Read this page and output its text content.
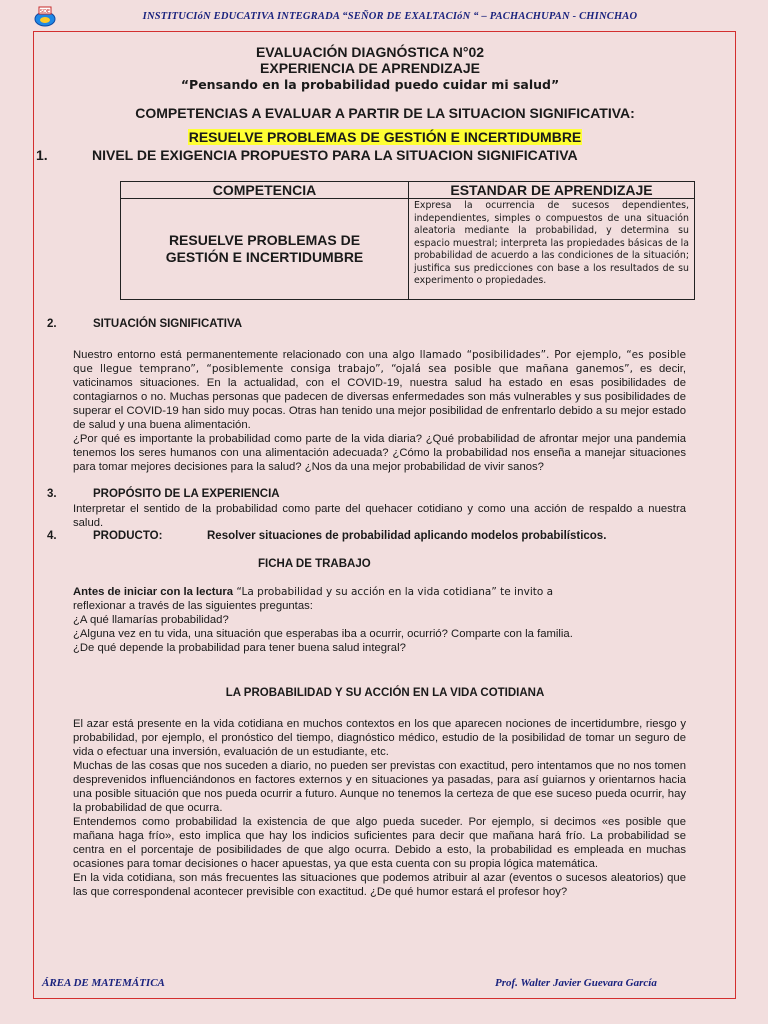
SDE	INSTITUCIóN EDUCATIVA INTEGRADA “SEÑOR DE EXALTACIóN “ – PACHACHUPAN - CHINCHAO
EVALUACIÓN DIAGNÓSTICA N°02
EXPERIENCIA DE APRENDIZAJE
“Pensando en la probabilidad puedo cuidar mi salud”
COMPETENCIAS A EVALUAR A PARTIR DE LA SITUACION SIGNIFICATIVA:
RESUELVE PROBLEMAS DE GESTIÓN E INCERTIDUMBRE
1.	NIVEL DE EXIGENCIA PROPUESTO PARA LA SITUACION SIGNIFICATIVA
COMPETENCIA	ESTANDAR DE APRENDIZAJE

RESUELVE PROBLEMAS DE GESTIÓN E INCERTIDUMBRE	Expresa la ocurrencia de sucesos dependientes, independientes, simples o compuestos de una situación aleatoria mediante la probabilidad, y determina su espacio muestral; interpreta las propiedades básicas de la probabilidad de acuerdo a las condiciones de la situación; justifica sus predicciones con base a los resultados de su experimento o propiedades.
2.	SITUACIÓN SIGNIFICATIVA

Nuestro entorno está permanentemente relacionado con una algo llamado “posibilidades”. Por ejemplo, “es posible que llegue temprano”, “posiblemente consiga trabajo”, “ojalá sea posible que mañana ganemos”, es decir, vaticinamos situaciones. En la actualidad, con el COVID-19, nuestra salud ha estado en esas posibilidades de contagiarnos o no. Muchas personas que padecen de diversas enfermedades son más vulnerables y sus posibilidades de superar el COVID-19 han sido muy pocas. Otras han tenido una mejor posibilidad de enfrentarlo debido a su mejor estado de salud y una buena alimentación.

¿Por qué es importante la probabilidad como parte de la vida diaria? ¿Qué probabilidad de afrontar mejor una pandemia tenemos los seres humanos con una alimentación adecuada? ¿Cómo la probabilidad nos enseña a manejar situaciones para tomar mejores decisiones para la salud? ¿Nos da una mejor probabilidad de vivir sanos?

3.	PROPÓSITO DE LA EXPERIENCIA
Interpretar el sentido de la probabilidad como parte del quehacer cotidiano y como una acción de respaldo a nuestra salud.
4.	PRODUCTO:	Resolver situaciones de probabilidad aplicando modelos probabilísticos.
FICHA DE TRABAJO

Antes de iniciar con la lectura “La probabilidad y su acción en la vida cotidiana” te invito a

reflexionar a través de las siguientes preguntas:

¿A qué llamarías probabilidad?

¿Alguna vez en tu vida, una situación que esperabas iba a ocurrir, ocurrió? Comparte con la familia.

¿De qué depende la probabilidad para tener buena salud integral?

LA PROBABILIDAD Y SU ACCIÓN EN LA VIDA COTIDIANA

El azar está presente en la vida cotidiana en muchos contextos en los que aparecen nociones de incertidumbre, riesgo y probabilidad, por ejemplo, el pronóstico del tiempo, diagnóstico médico, estudio de la posibilidad de tomar un seguro de vida o efectuar una inversión, evaluación de un estudiante, etc.

Muchas de las cosas que nos suceden a diario, no pueden ser previstas con exactitud, pero intentamos que no nos tomen desprevenidos influenciándonos en factores externos y en situaciones ya pasadas, para así guiarnos y orientarnos hacia una posible situación que nos pueda ocurrir a futuro. Aunque no tenemos la certeza de que ese suceso pueda ocurrir, hay la probabilidad de que ocurra.

Entendemos como probabilidad la existencia de que algo pueda suceder. Por ejemplo, si decimos «es posible que mañana haga frío», esto implica que hay los indicios suficientes para decir que mañana hará frío. La probabilidad se centra en el porcentaje de posibilidades de que algo ocurra. Debido a esto, la probabilidad es empleada en muchas ocasiones para tomar decisiones o hacer apuestas, ya que esta cuenta con su propia lógica matemática.

En la vida cotidiana, son más frecuentes las situaciones que podemos atribuir al azar (eventos o sucesos aleatorios) que las que correspondenal acontecer previsible con exactitud. ¿De qué humor estará el profesor hoy?

ÁREA DE MATEMÁTICA	Prof. Walter Javier Guevara García
